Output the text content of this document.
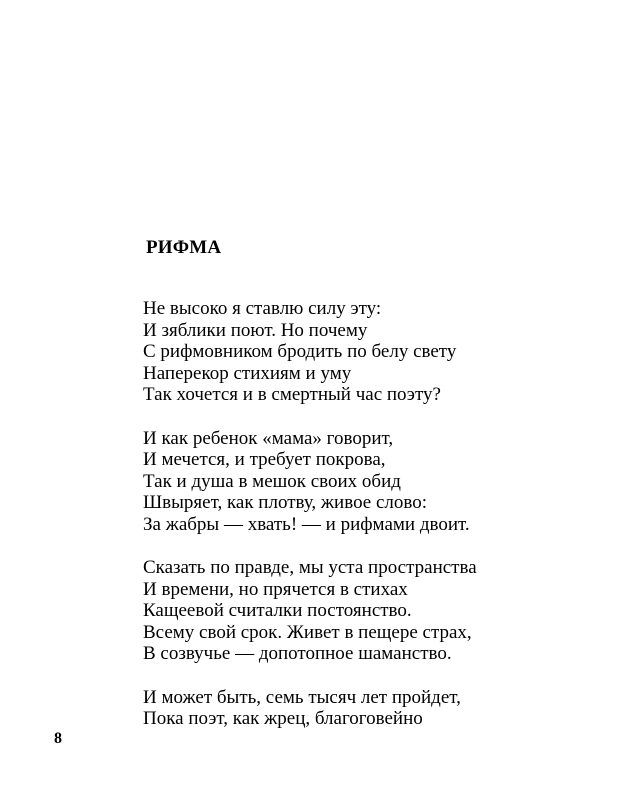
РИФМА
Не высоко я ставлю силу эту:
И зяблики поют. Но почему
С рифмовником бродить по белу свету
Наперекор стихиям и уму
Так хочется и в смертный час поэту?
И как ребенок «мама» говорит,
И мечется, и требует покрова,
Так и душа в мешок своих обид
Швыряет, как плотву, живое слово:
За жабры — хвать! — и рифмами двоит.
Сказать по правде, мы уста пространства
И времени, но прячется в стихах
Кащеевой считалки постоянство.
Всему свой срок. Живет в пещере страх,
В созвучье — допотопное шаманство.
И может быть, семь тысяч лет пройдет,
Пока поэт, как жрец, благоговейно
8
